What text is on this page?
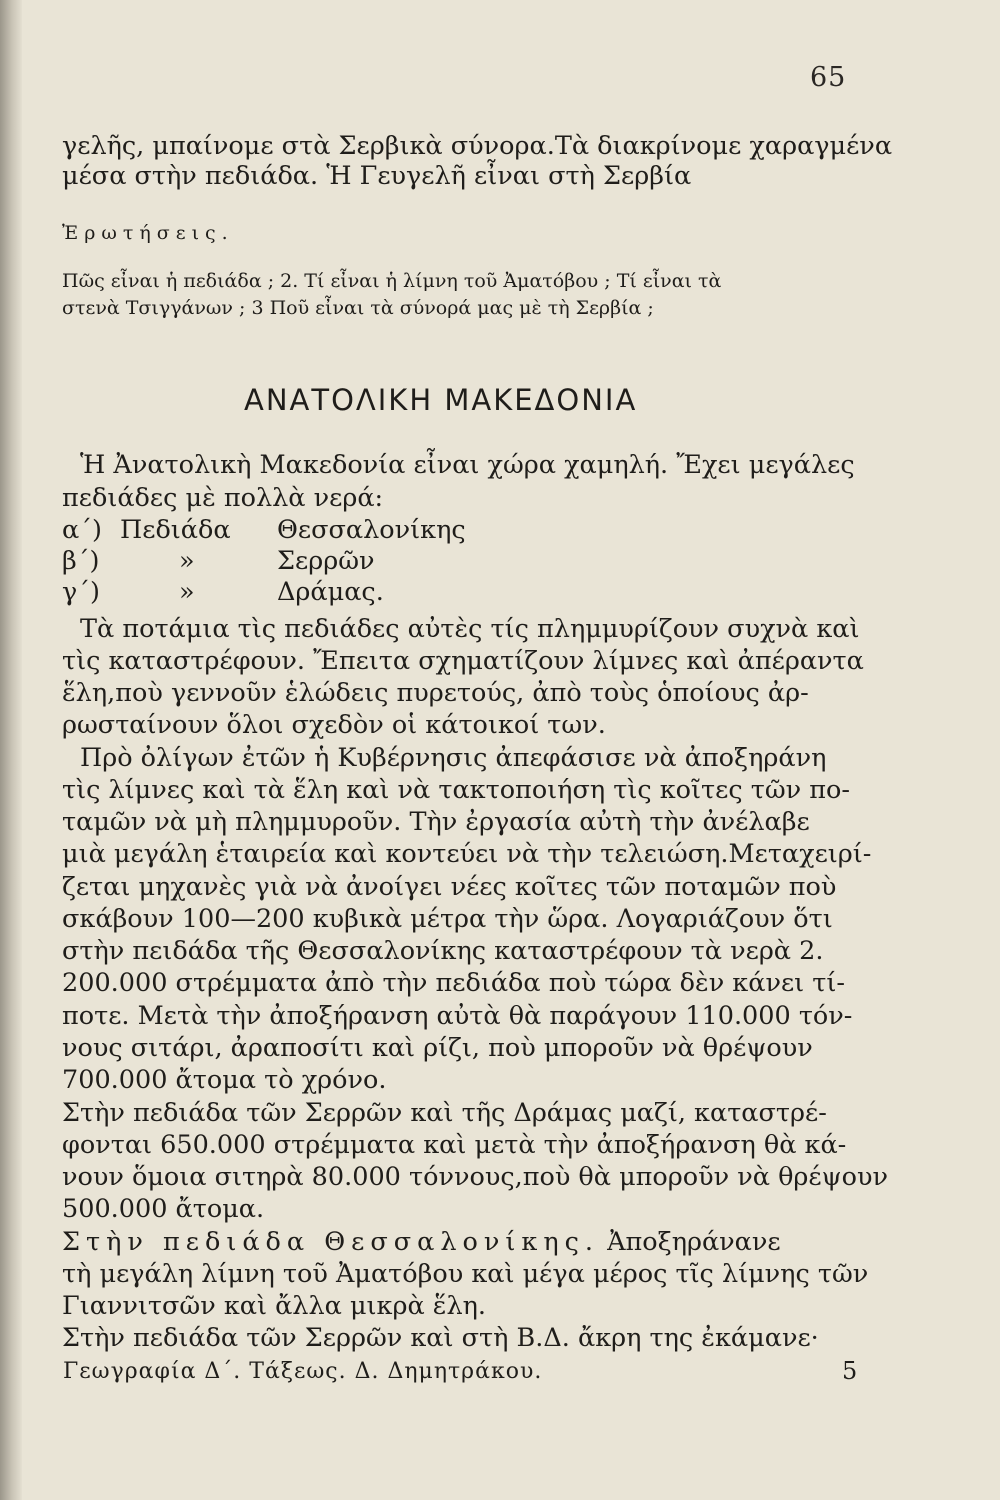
65
γελῆς, μπαίνομε στὰ Σερβικὰ σύνορα.Τὰ διακρίνομε χαραγμένα
μέσα στὴν πεδιάδα. Ἡ Γευγελῆ εἶναι στὴ Σερβία
Ἐρωτήσεις.
Πῶς εἶναι ἡ πεδιάδα ; 2. Τί εἶναι ἡ λίμνη τοῦ Ἀματόβου ; Τί εἶναι τὰ
στενὰ Τσιγγάνων ; 3 Ποῦ εἶναι τὰ σύνορά μας μὲ τὴ Σερβία ;
ΑΝΑΤΟΛΙΚΗ ΜΑΚΕΔΟΝΙΑ
Ἡ Ἀνατολικὴ Μακεδονία εἶναι χώρα χαμηλή. Ἔχει μεγάλες
πεδιάδες μὲ πολλὰ νερά:
α΄) Πεδιάδα Θεσσαλονίκης
β΄)	»	Σερρῶν
γ΄)	»	Δράμας.
Τὰ ποτάμια τὶς πεδιάδες αὐτὲς τίς πλημμυρίζουν συχνὰ καὶ
τὶς καταστρέφουν. Ἔπειτα σχηματίζουν λίμνες καὶ ἀπέραντα
ἕλη,ποὺ γεννοῦν ἑλώδεις πυρετούς, ἀπὸ τοὺς ὁποίους ἀρ-
ρωσταίνουν ὅλοι σχεδὸν οἱ κάτοικοί των.
Πρὸ ὀλίγων ἐτῶν ἡ Κυβέρνησις ἀπεφάσισε νὰ ἀποξηράνη
τὶς λίμνες καὶ τὰ ἕλη καὶ νὰ τακτοποιήση τὶς κοῖτες τῶν πο-
ταμῶν νὰ μὴ πλημμυροῦν. Τὴν ἐργασία αὐτὴ τὴν ἀνέλαβε
μιὰ μεγάλη ἑταιρεία καὶ κοντεύει νὰ τὴν τελειώση.Μεταχειρί-
ζεται μηχανὲς γιὰ νὰ ἀνοίγει νέες κοῖτες τῶν ποταμῶν ποὺ
σκάβουν 100—200 κυβικὰ μέτρα τὴν ὥρα. Λογαριάζουν ὅτι
στὴν πειδάδα τῆς Θεσσαλονίκης καταστρέφουν τὰ νερὰ 2.
200.000 στρέμματα ἀπὸ τὴν πεδιάδα ποὺ τώρα δὲν κάνει τί-
ποτε. Μετὰ τὴν ἀποξήρανση αὐτὰ θὰ παράγουν 110.000 τόν-
νους σιτάρι, ἀραποσίτι καὶ ρίζι, ποὺ μποροῦν νὰ θρέψουν
700.000 ἄτομα τὸ χρόνο.
Στὴν πεδιάδα τῶν Σερρῶν καὶ τῆς Δράμας μαζί, καταστρέ-
φονται 650.000 στρέμματα καὶ μετὰ τὴν ἀποξήρανση θὰ κά-
νουν ὅμοια σιτηρὰ 80.000 τόννους,ποὺ θὰ μποροῦν νὰ θρέψουν
500.000 ἄτομα.
Στὴν πεδιάδα Θεσσαλονίκης. Ἀποξηράνανε
τὴ μεγάλη λίμνη τοῦ Ἀματόβου καὶ μέγα μέρος τῖς λίμνης τῶν
Γιαννιτσῶν καὶ ἄλλα μικρὰ ἕλη.
Στὴν πεδιάδα τῶν Σερρῶν καὶ στὴ Β.Δ. ἄκρη της ἐκάμανε·
Γεωγραφία Δ΄. Τάξεως. Δ. Δημητράκου.	5
